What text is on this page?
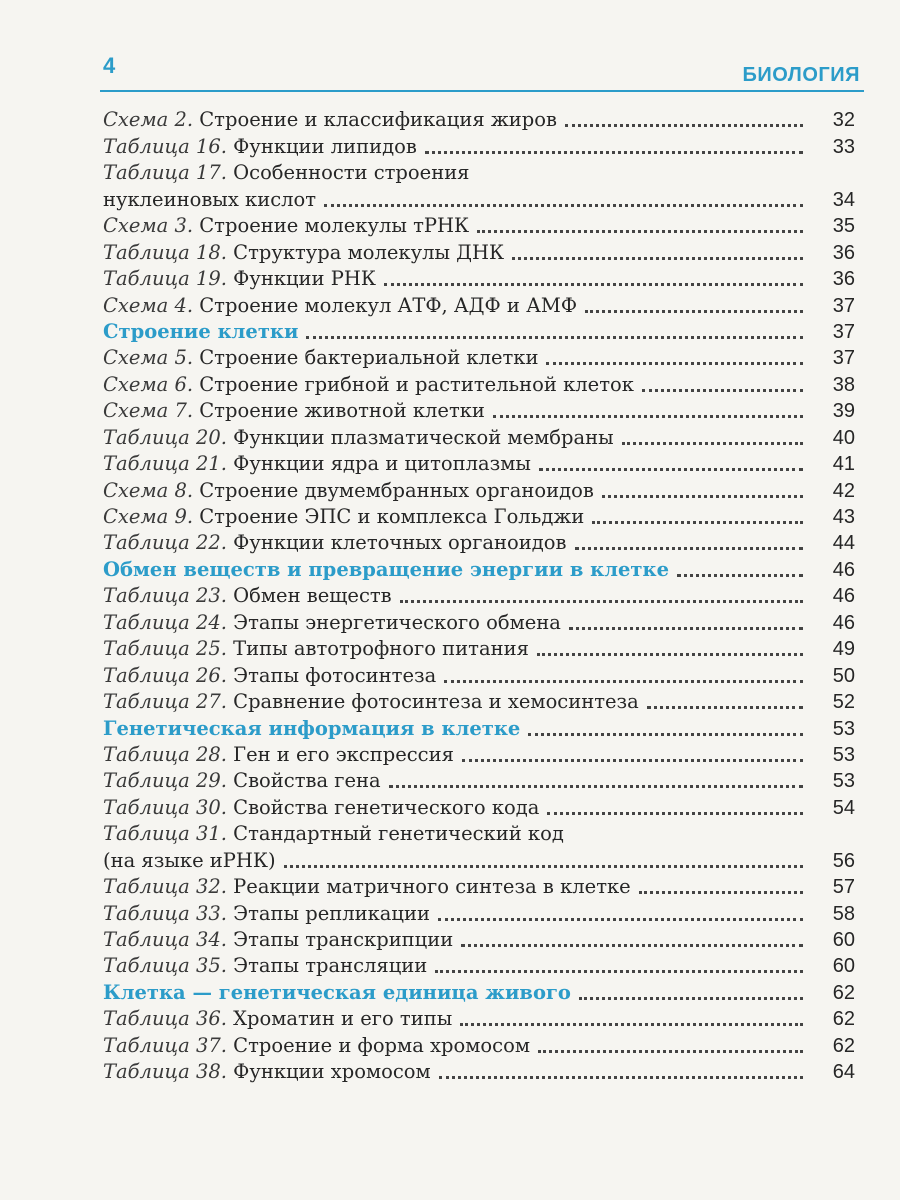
4	БИОЛОГИЯ
Схема 2. Строение и классификация жиров	32
Таблица 16. Функции липидов	33
Таблица 17. Особенности строения
нуклеиновых кислот	34
Схема 3. Строение молекулы тРНК	35
Таблица 18. Структура молекулы ДНК	36
Таблица 19. Функции РНК	36
Схема 4. Строение молекул АТФ, АДФ и АМФ	37
Строение клетки	37
Схема 5. Строение бактериальной клетки	37
Схема 6. Строение грибной и растительной клеток	38
Схема 7. Строение животной клетки	39
Таблица 20. Функции плазматической мембраны	40
Таблица 21. Функции ядра и цитоплазмы	41
Схема 8. Строение двумембранных органоидов	42
Схема 9. Строение ЭПС и комплекса Гольджи	43
Таблица 22. Функции клеточных органоидов	44
Обмен веществ и превращение энергии в клетке	46
Таблица 23. Обмен веществ	46
Таблица 24. Этапы энергетического обмена	46
Таблица 25. Типы автотрофного питания	49
Таблица 26. Этапы фотосинтеза	50
Таблица 27. Сравнение фотосинтеза и хемосинтеза	52
Генетическая информация в клетке	53
Таблица 28. Ген и его экспрессия	53
Таблица 29. Свойства гена	53
Таблица 30. Свойства генетического кода	54
Таблица 31. Стандартный генетический код
(на языке иРНК)	56
Таблица 32. Реакции матричного синтеза в клетке	57
Таблица 33. Этапы репликации	58
Таблица 34. Этапы транскрипции	60
Таблица 35. Этапы трансляции	60
Клетка — генетическая единица живого	62
Таблица 36. Хроматин и его типы	62
Таблица 37. Строение и форма хромосом	62
Таблица 38. Функции хромосом	64
